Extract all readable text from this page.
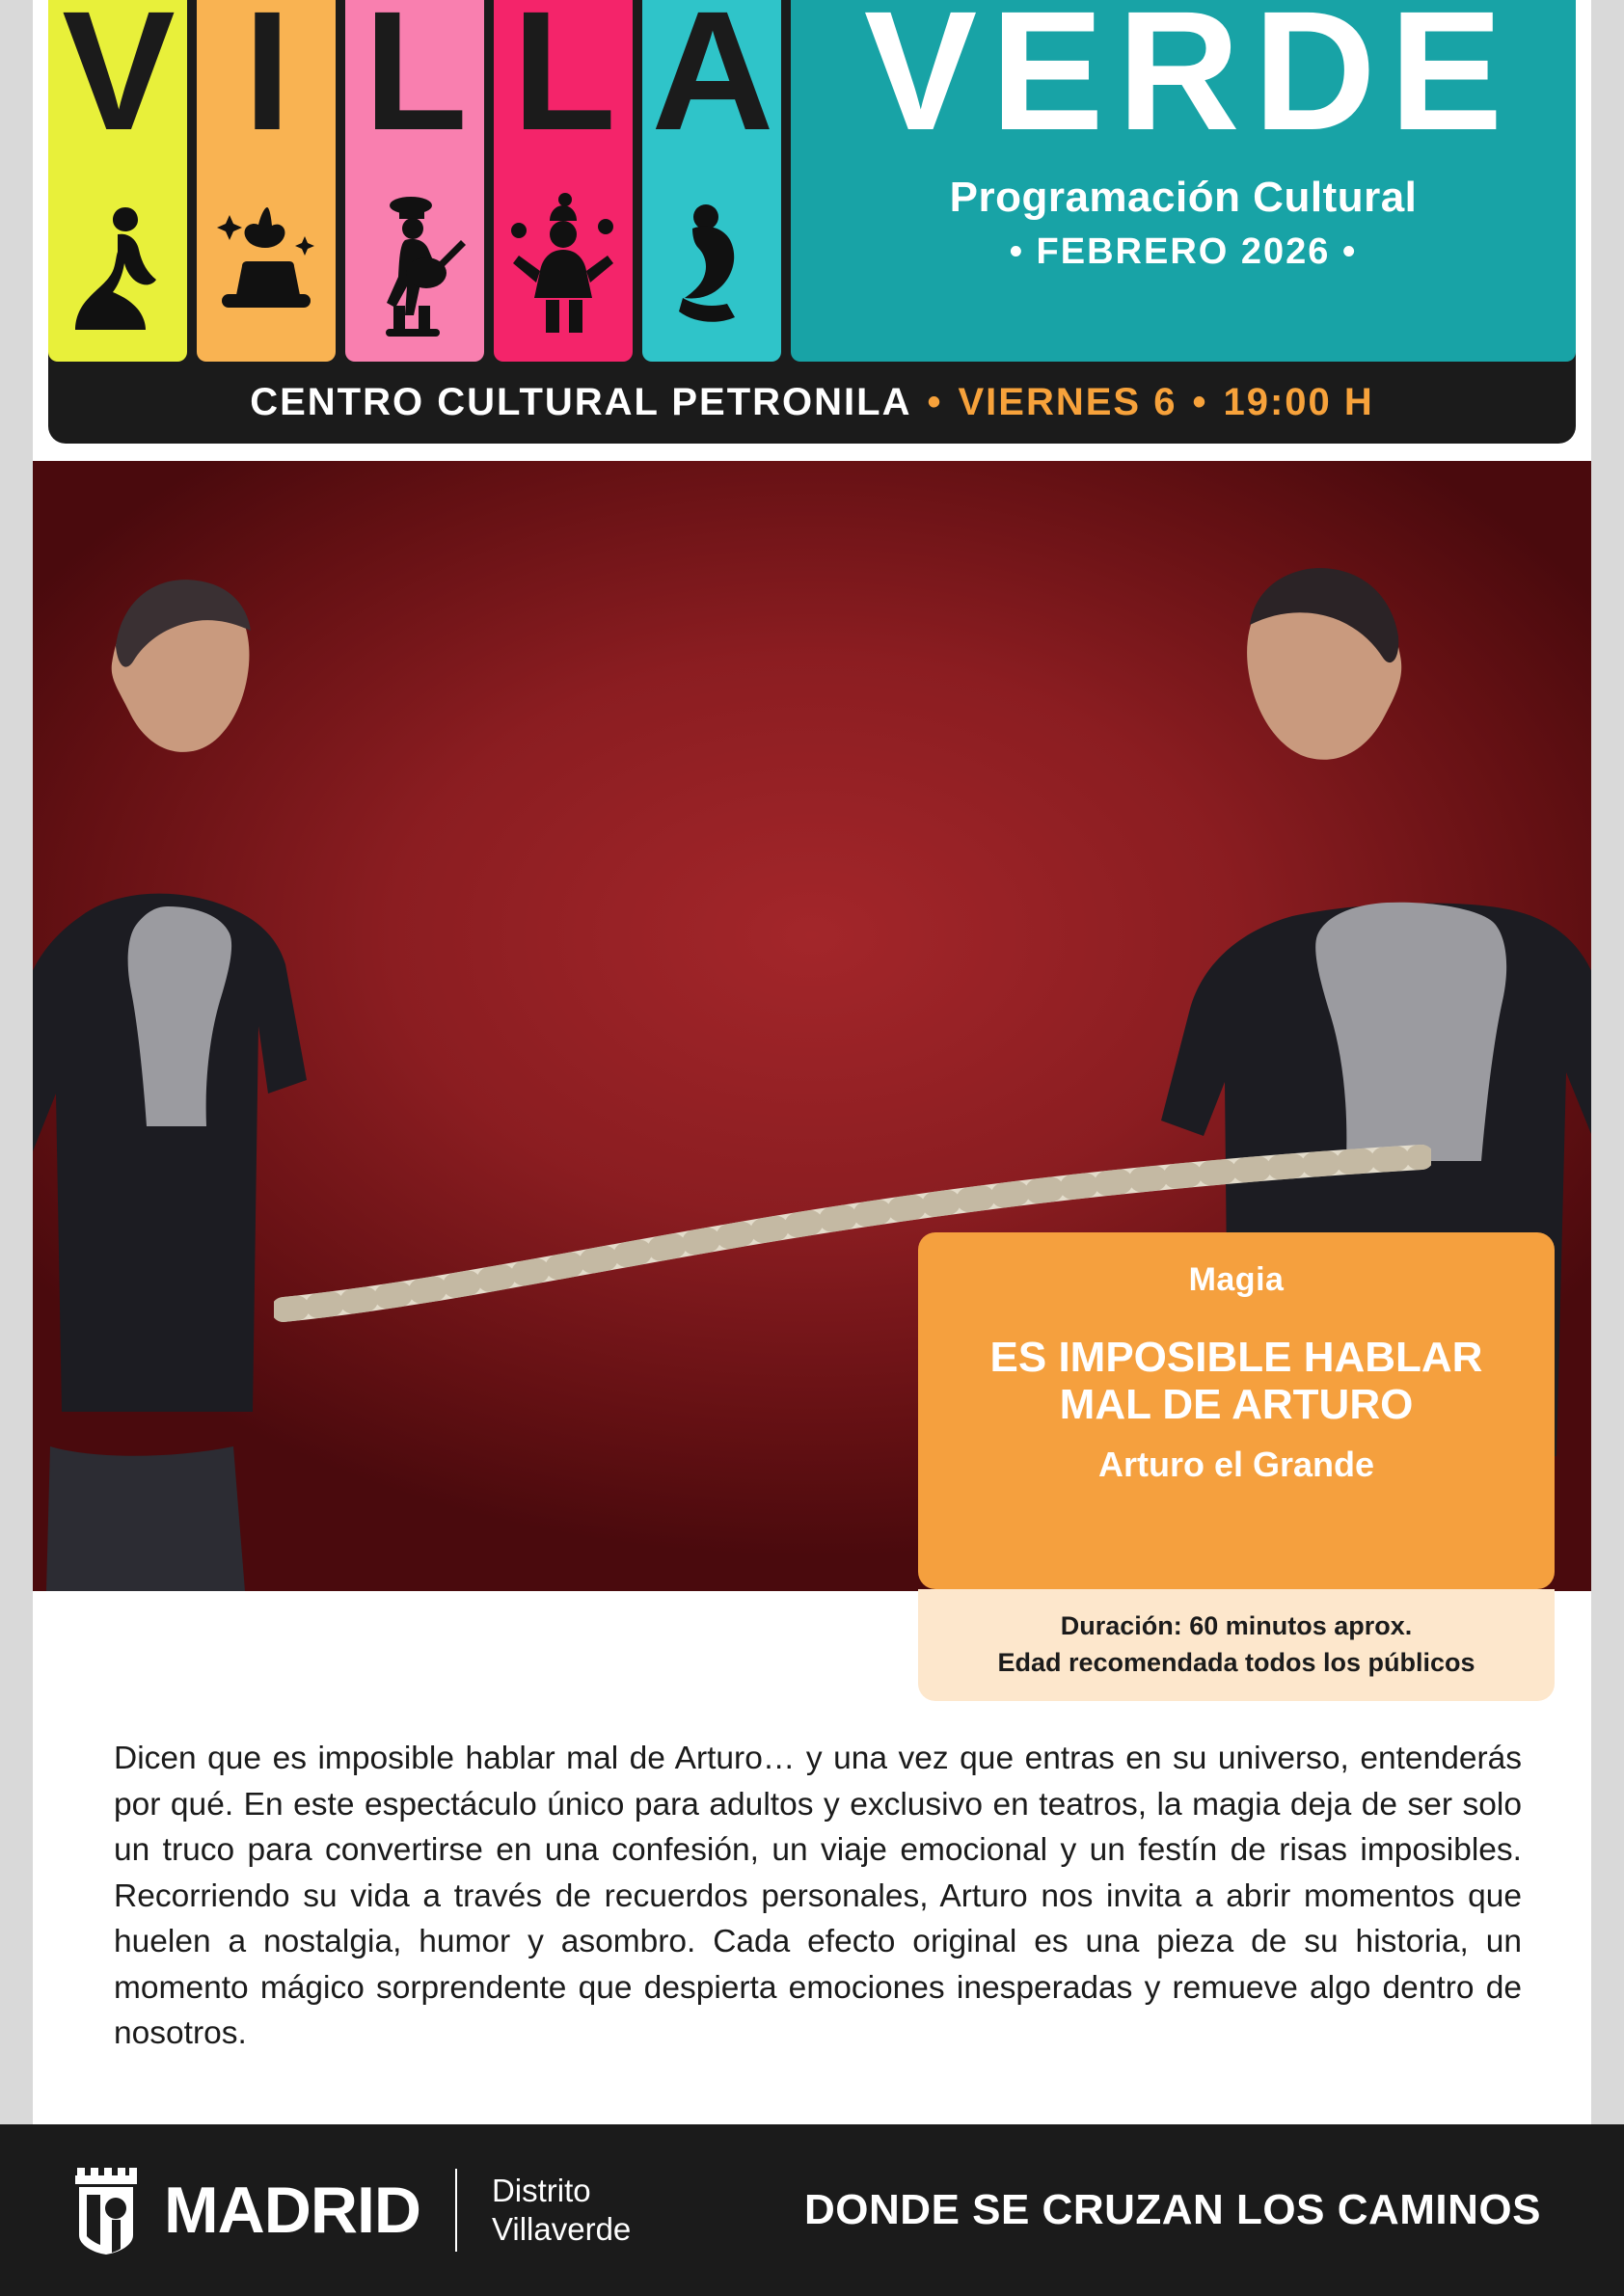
V I L L A VERDE
Programación Cultural
• FEBRERO 2026 •
CENTRO CULTURAL PETRONILA • VIERNES 6 • 19:00 H
Magia
ES IMPOSIBLE HABLAR
MAL DE ARTURO
Arturo el Grande
Duración: 60 minutos aprox.
Edad recomendada todos los públicos
Dicen que es imposible hablar mal de Arturo… y una vez que entras en su universo, entenderás por qué. En este espectáculo único para adultos y exclusivo en teatros, la magia deja de ser solo un truco para convertirse en una confesión, un viaje emocional y un festín de risas imposibles. Recorriendo su vida a través de recuerdos personales, Arturo nos invita a abrir momentos que huelen a nostalgia, humor y asombro. Cada efecto original es una pieza de su historia, un momento mágico sorprendente que despierta emociones inesperadas y remueve algo dentro de nosotros.
MADRID Distrito
Villaverde	DONDE SE CRUZAN LOS CAMINOS
